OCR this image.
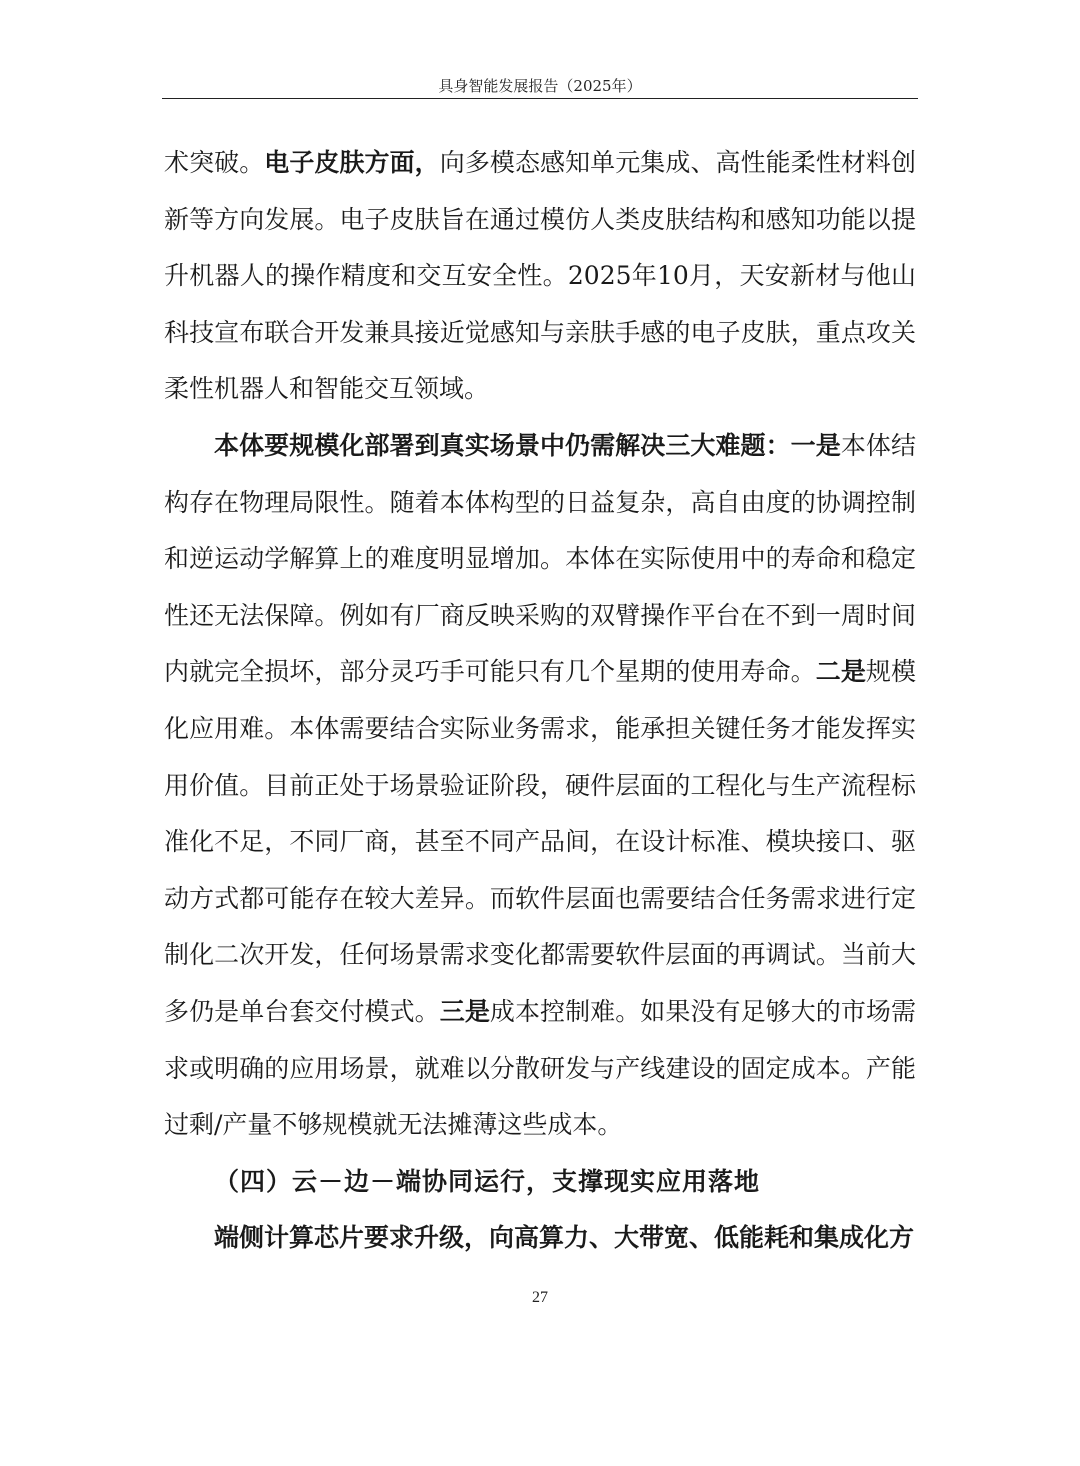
具身智能发展报告（2025年）

术突破。电子皮肤方面，向多模态感知单元集成、高性能柔性材料创新等方向发展。电子皮肤旨在通过模仿人类皮肤结构和感知功能以提升机器人的操作精度和交互安全性。2025年10月，天安新材与他山科技宣布联合开发兼具接近觉感知与亲肤手感的电子皮肤，重点攻关柔性机器人和智能交互领域。

本体要规模化部署到真实场景中仍需解决三大难题：一是本体结构存在物理局限性。随着本体构型的日益复杂，高自由度的协调控制和逆运动学解算上的难度明显增加。本体在实际使用中的寿命和稳定性还无法保障。例如有厂商反映采购的双臂操作平台在不到一周时间内就完全损坏，部分灵巧手可能只有几个星期的使用寿命。二是规模化应用难。本体需要结合实际业务需求，能承担关键任务才能发挥实用价值。目前正处于场景验证阶段，硬件层面的工程化与生产流程标准化不足，不同厂商，甚至不同产品间，在设计标准、模块接口、驱动方式都可能存在较大差异。而软件层面也需要结合任务需求进行定制化二次开发，任何场景需求变化都需要软件层面的再调试。当前大多仍是单台套交付模式。三是成本控制难。如果没有足够大的市场需求或明确的应用场景，就难以分散研发与产线建设的固定成本。产能过剩/产量不够规模就无法摊薄这些成本。

（四）云－边－端协同运行，支撑现实应用落地

端侧计算芯片要求升级，向高算力、大带宽、低能耗和集成化方

27
